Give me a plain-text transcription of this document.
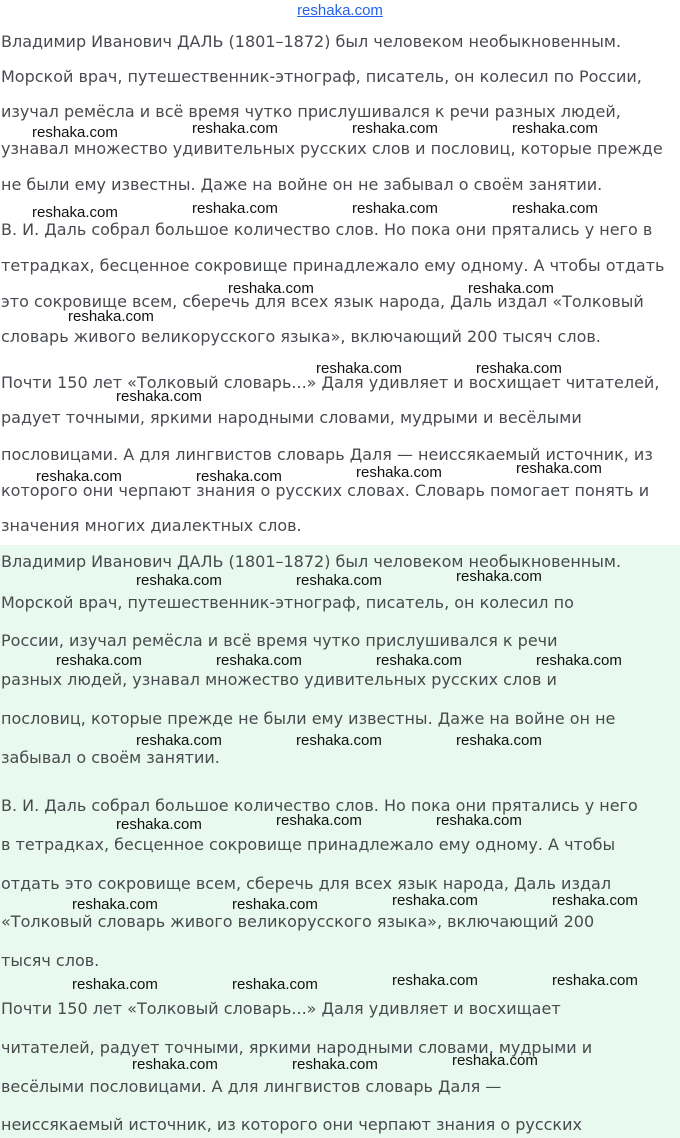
Владимир Иванович ДАЛЬ (1801–1872) был человеком необыкновенным.
Морской врач, путешественник-этнограф, писатель, он колесил по России,
изучал ремёсла и всё время чутко прислушивался к речи разных людей,
узнавал множество удивительных русских слов и пословиц, которые прежде
не были ему известны. Даже на войне он не забывал о своём занятии.
В. И. Даль собрал большое количество слов. Но пока они прятались у него в
тетрадках, бесценное сокровище принадлежало ему одному. А чтобы отдать
это сокровище всем, сберечь для всех язык народа, Даль издал «Толковый
словарь живого великорусского языка», включающий 200 тысяч слов.
Почти 150 лет «Толковый словарь...» Даля удивляет и восхищает читателей,
радует точными, яркими народными словами, мудрыми и весёлыми
пословицами. А для лингвистов словарь Даля — неиссякаемый источник, из
которого они черпают знания о русских словах. Словарь помогает понять и
значения многих диалектных слов.
Владимир Иванович ДАЛЬ (1801–1872) был человеком необыкновенным.
Морской врач, путешественник-этнограф, писатель, он колесил по
России, изучал ремёсла и всё время чутко прислушивался к речи
разных людей, узнавал множество удивительных русских слов и
пословиц, которые прежде не были ему известны. Даже на войне он не
забывал о своём занятии.
В. И. Даль собрал большое количество слов. Но пока они прятались у него
в тетрадках, бесценное сокровище принадлежало ему одному. А чтобы
отдать это сокровище всем, сберечь для всех язык народа, Даль издал
«Толковый словарь живого великорусского языка», включающий 200
тысяч слов.
Почти 150 лет «Толковый словарь...» Даля удивляет и восхищает
читателей, радует точными, яркими народными словами, мудрыми и
весёлыми пословицами. А для лингвистов словарь Даля —
неиссякаемый источник, из которого они черпают знания о русских
reshaka.com
reshaka.com	reshaka.com	reshaka.com	reshaka.com
reshaka.com	reshaka.com	reshaka.com	reshaka.com
reshaka.com	reshaka.com
reshaka.com
reshaka.com	reshaka.com
reshaka.com
reshaka.com	reshaka.com	reshaka.com	reshaka.com
reshaka.com	reshaka.com	reshaka.com
reshaka.com	reshaka.com	reshaka.com	reshaka.com
reshaka.com	reshaka.com	reshaka.com
reshaka.com	reshaka.com	reshaka.com
reshaka.com	reshaka.com	reshaka.com	reshaka.com
reshaka.com	reshaka.com	reshaka.com	reshaka.com
reshaka.com	reshaka.com	reshaka.com
